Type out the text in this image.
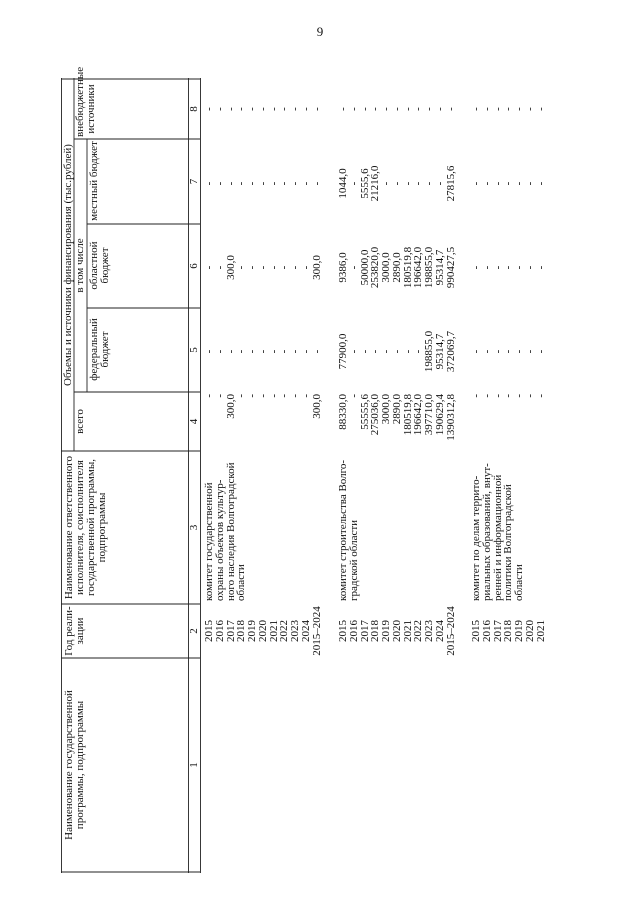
9
Наименование государственной программы, подпрограммы
Год реали-зации
Наименование ответственного исполнителя, соисполнителя государственной программы, подпрограммы
Объемы и источники финансирования (тыс.рублей)
всего
в том числе
федеральный бюджет
областной бюджет
местный бюджет
внебюджетные источники
1
2
3
4
5
6
7
8
2015
-
-
-
-
-
2016
-
-
-
-
-
2017
300,0
-
300,0
-
-
2018
-
-
-
-
-
2019
-
-
-
-
-
2020
-
-
-
-
-
2021
-
-
-
-
-
2022
-
-
-
-
-
2023
-
-
-
-
-
2024
-
-
-
-
-
2015–2024
300,0
-
300,0
-
-
комитет государственной
охраны объектов культур-
ного наследия Волгоградской
области
2015
88330,0
77900,0
9386,0
1044,0
-
2016
-
-
-
-
-
2017
55555,6
-
50000,0
5555,6
-
2018
275036,0
-
253820,0
21216,0
-
2019
3000,0
-
3000,0
-
-
2020
2890,0
-
2890,0
-
-
2021
180519,8
-
180519,8
-
-
2022
196642,0
-
196642,0
-
-
2023
397710,0
198855,0
198855,0
-
-
2024
190629,4
95314,7
95314,7
-
-
2015–2024
1390312,8
372069,7
990427,5
27815,6
-
комитет строительства Волго-
градской области
2015
-
-
-
-
-
2016
-
-
-
-
-
2017
-
-
-
-
-
2018
-
-
-
-
-
2019
-
-
-
-
-
2020
-
-
-
-
-
2021
-
-
-
-
-
комитет по делам террито-
риальных образований, внут-
ренней и информационной
политики Волгоградской
области
